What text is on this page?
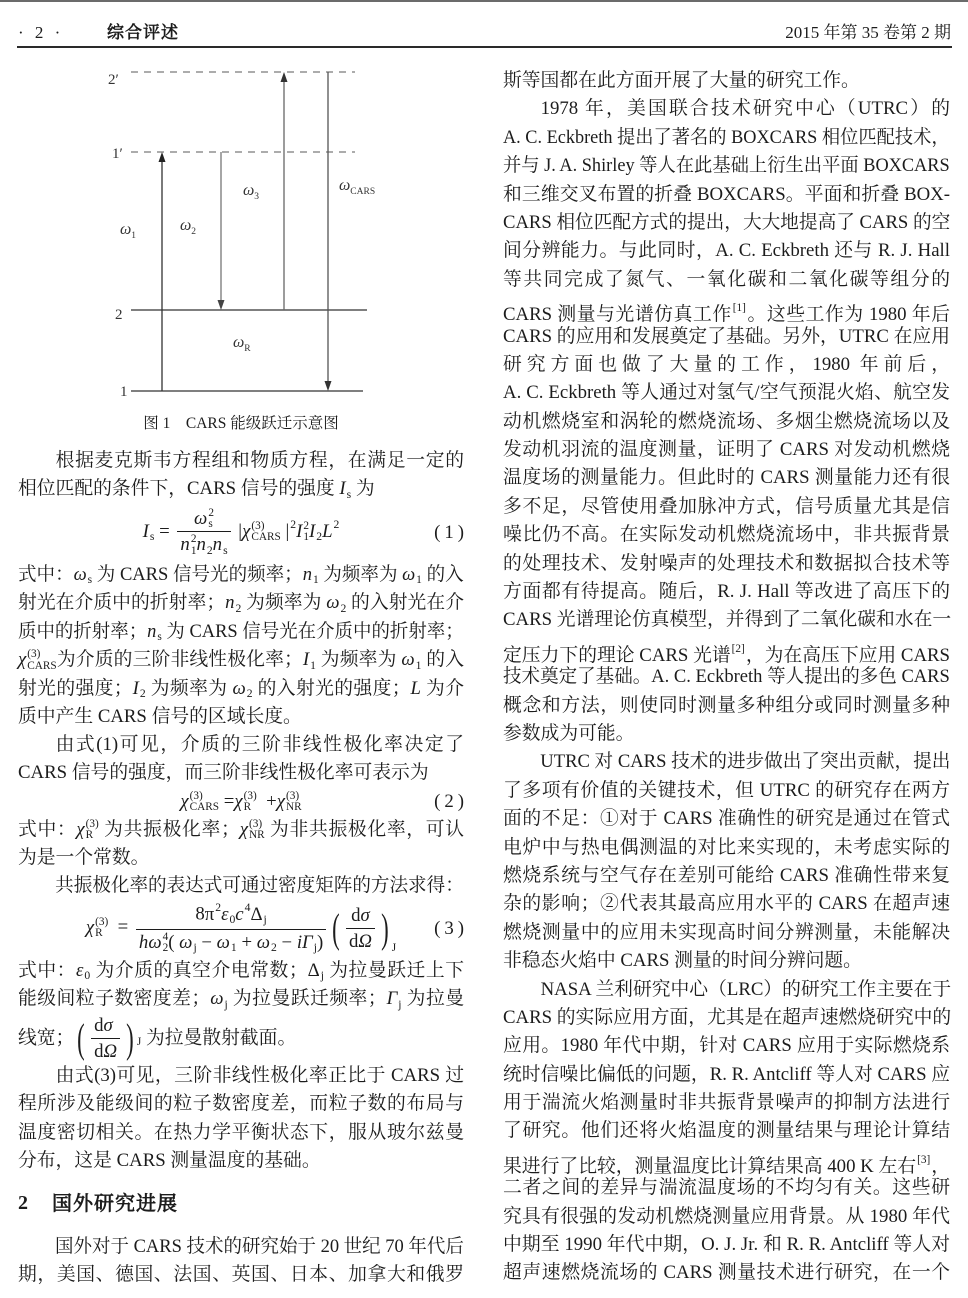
· 2 ·	综合评述	2015 年第 35 卷第 2 期
2′
1′
2
1
$\omega_1$
$\omega_2$
$\omega_3$
$\omega_{CARS}$
$\omega_R$
图 1　CARS 能级跃迁示意图
根据麦克斯韦方程组和物质方程，在满足一定的
相位匹配的条件下，CARS 信号的强度 Is 为
Is = ω 2
s
n 2
1 n2ns |χ (3)
CARS $|^2I$ 2
1 $I2L^2$	(1)
式中：ωs 为 CARS 信号光的频率；n1 为频率为 ω1 的入
射光在介质中的折射率；n2 为频率为 ω2 的入射光在介
质中的折射率；ns 为 CARS 信号光在介质中的折射率；
χ (3)
CARS 为介质的三阶非线性极化率；I1 为频率为 ω1 的入
射光的强度；I2 为频率为 ω2 的入射光的强度；L 为介
质中产生 CARS 信号的区域长度。
由式(1)可见，介质的三阶非线性极化率决定了
CARS 信号的强度，而三阶非线性极化率可表示为
χ (3)
CARS =χ (3)
R +χ (3)
NR	(2)
式中：χ (3)
R 为共振极化率；χ (3)
NR 为非共振极化率，可认
为是一个常数。
共振极化率的表达式可通过密度矩阵的方法求得：
χ (3)
$R = 8\pi^2\varepsilon 0c^4\Delta j$
hω 4
2 ( ωj − ω1 + ω2 − iΓj) ( $\frac{d\sigma}{d\Omega}$ ) J
(3)
式中：ε0 为介质的真空介电常数；Δj 为拉曼跃迁上下
能级间粒子数密度差；ωj 为拉曼跃迁频率；Γj 为拉曼
线宽； ( $\frac{d\sigma}{d\Omega}$ ) J 为拉曼散射截面。
由式(3)可见，三阶非线性极化率正比于 CARS 过
程所涉及能级间的粒子数密度差，而粒子数的布局与
温度密切相关。在热力学平衡状态下，服从玻尔兹曼
分布，这是 CARS 测量温度的基础。
2 国外研究进展
国外对于 CARS 技术的研究始于 20 世纪 70 年代后
期，美国、德国、法国、英国、日本、加拿大和俄罗
斯等国都在此方面开展了大量的研究工作。
1978 年，美国联合技术研究中心（UTRC）的
A. C. Eckbreth 提出了著名的 BOXCARS 相位匹配技术，
并与 J. A. Shirley 等人在此基础上衍生出平面 BOXCARS
和三维交叉布置的折叠 BOXCARS。平面和折叠 BOX-
CARS 相位匹配方式的提出，大大地提高了 CARS 的空
间分辨能力。与此同时，A. C. Eckbreth 还与 R. J. Hall
等共同完成了氮气、一氧化碳和二氧化碳等组分的
CARS 测量与光谱仿真工作[1]。这些工作为 1980 年后
CARS 的应用和发展奠定了基础。另外，UTRC 在应用
研究方面也做了大量的工作，1980 年前后，
A. C. Eckbreth 等人通过对氢气/空气预混火焰、航空发
动机燃烧室和涡轮的燃烧流场、多烟尘燃烧流场以及
发动机羽流的温度测量，证明了 CARS 对发动机燃烧
温度场的测量能力。但此时的 CARS 测量能力还有很
多不足，尽管使用叠加脉冲方式，信号质量尤其是信
噪比仍不高。在实际发动机燃烧流场中，非共振背景
的处理技术、发射噪声的处理技术和数据拟合技术等
方面都有待提高。随后，R. J. Hall 等改进了高压下的
CARS 光谱理论仿真模型，并得到了二氧化碳和水在一
定压力下的理论 CARS 光谱[2]，为在高压下应用 CARS
技术奠定了基础。A. C. Eckbreth 等人提出的多色 CARS
概念和方法，则使同时测量多种组分或同时测量多种
参数成为可能。
UTRC 对 CARS 技术的进步做出了突出贡献，提出
了多项有价值的关键技术，但 UTRC 的研究存在两方
面的不足：①对于 CARS 准确性的研究是通过在管式
电炉中与热电偶测温的对比来实现的，未考虑实际的
燃烧系统与空气存在差别可能给 CARS 准确性带来复
杂的影响；②代表其最高应用水平的 CARS 在超声速
燃烧测量中的应用未实现高时间分辨测量，未能解决
非稳态火焰中 CARS 测量的时间分辨问题。
NASA 兰利研究中心（LRC）的研究工作主要在于
CARS 的实际应用方面，尤其是在超声速燃烧研究中的
应用。1980 年代中期，针对 CARS 应用于实际燃烧系
统时信噪比偏低的问题，R. R. Antcliff 等人对 CARS 应
用于湍流火焰测量时非共振背景噪声的抑制方法进行
了研究。他们还将火焰温度的测量结果与理论计算结
果进行了比较，测量温度比计算结果高 400 K 左右[3]，
二者之间的差异与湍流温度场的不均匀有关。这些研
究具有很强的发动机燃烧测量应用背景。从 1980 年代
中期至 1990 年代中期，O. J. Jr. 和 R. R. Antcliff 等人对
超声速燃烧流场的 CARS 测量技术进行研究，在一个
